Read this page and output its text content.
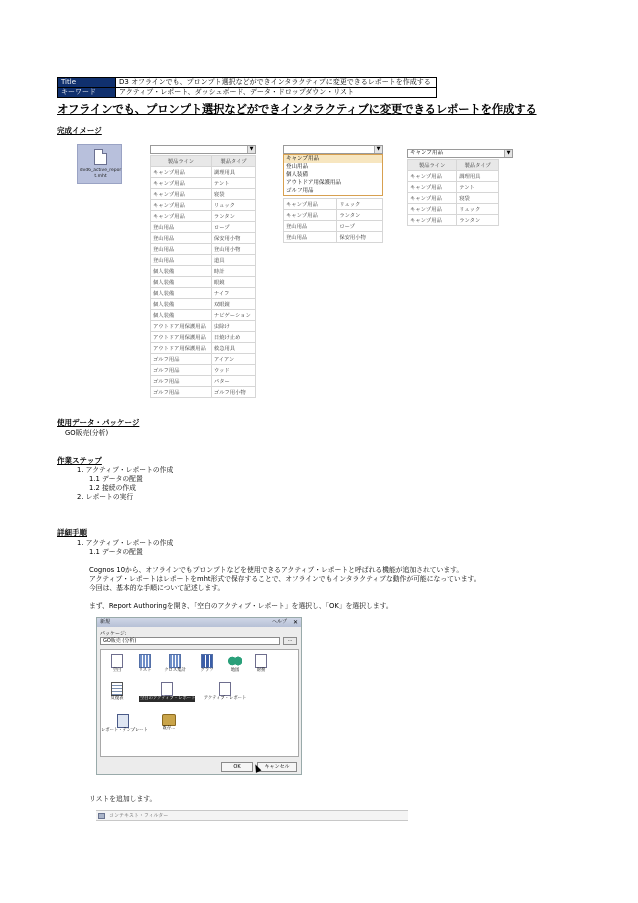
Title	D3 オフラインでも、プロンプト選択などができインタラクティブに変更できるレポートを作成する
キーワード	アクティブ・レポート、ダッシュボード、データ・ドロップダウン・リスト
オフラインでも、プロンプト選択などができインタラクティブに変更できるレポートを作成する
完成イメージ
dvd6_active_report.mht
▼
製品ライン	製品タイプ
キャンプ用品	調理用具
キャンプ用品	テント
キャンプ用品	寝袋
キャンプ用品	リュック
キャンプ用品	ランタン
登山用品	ロープ
登山用品	保安用小物
登山用品	登山用小物
登山用品	道具
個人装備	時計
個人装備	眼鏡
個人装備	ナイフ
個人装備	双眼鏡
個人装備	ナビゲーション
アウトドア用保護用品	虫除け
アウトドア用保護用品	日焼け止め
アウトドア用保護用品	救急用具
ゴルフ用品	アイアン
ゴルフ用品	ウッド
ゴルフ用品	パター
ゴルフ用品	ゴルフ用小物
▼
キャンプ用品
登山用品
個人装備
アウトドア用保護用品
ゴルフ用品
キャンプ用品	リュック
キャンプ用品	ランタン
登山用品	ロープ
登山用品	保安用小物
キャンプ用品	▼
製品ライン	製品タイプ
キャンプ用品	調理用具
キャンプ用品	テント
キャンプ用品	寝袋
キャンプ用品	リュック
キャンプ用品	ランタン
使用データ・パッケージ
GO販売(分析)
作業ステップ
1. アクティブ・レポートの作成
1.1 データの配置
1.2 接続の作成
2. レポートの実行
詳細手順
1. アクティブ・レポートの作成
1.1 データの配置
Cognos 10から、オフラインでもプロンプトなどを使用できるアクティブ・レポートと呼ばれる機能が追加されています。
アクティブ・レポートはレポートをmht形式で保存することで、オフラインでもインタラクティブな動作が可能になっています。
今回は、基本的な手順について記述します。
まず、Report Authoringを開き、「空白のアクティブ・レポート」を選択し、「OK」を選択します。
新規	ヘルプ ✕
パッケージ:
GO販売 (分析)	...
空白	リスト	クロス集計	グラフ	地図	財務
反復表	空白のアクティブ・レポート	アクティブ・レポート
レポート・テンプレート	既存...
OK	キャンセル
リストを追加します。
コンテキスト・フィルター
